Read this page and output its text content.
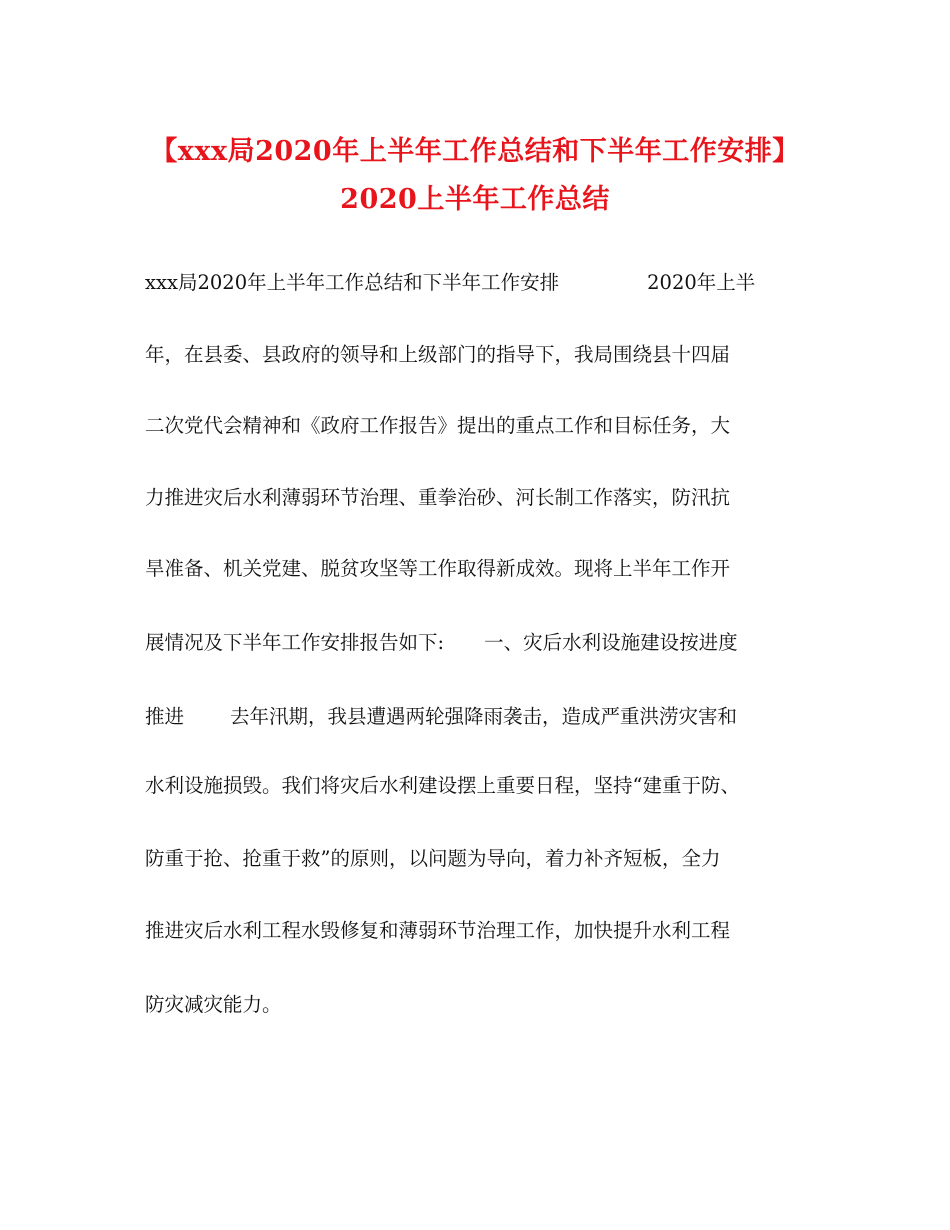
【xxx局2020年上半年工作总结和下半年工作安排】
2020上半年工作总结
xxx局2020年上半年工作总结和下半年工作安排	2020年上半
年，在县委、县政府的领导和上级部门的指导下，我局围绕县十四届
二次党代会精神和《政府工作报告》提出的重点工作和目标任务，大
力推进灾后水利薄弱环节治理、重拳治砂、河长制工作落实，防汛抗
旱准备、机关党建、脱贫攻坚等工作取得新成效。现将上半年工作开
展情况及下半年工作安排报告如下: 一、灾后水利设施建设按进度
推进 去年汛期，我县遭遇两轮强降雨袭击，造成严重洪涝灾害和
水利设施损毁。我们将灾后水利建设摆上重要日程，坚持“建重于防、
防重于抢、抢重于救”的原则，以问题为导向，着力补齐短板，全力
推进灾后水利工程水毁修复和薄弱环节治理工作，加快提升水利工程
防灾减灾能力。
